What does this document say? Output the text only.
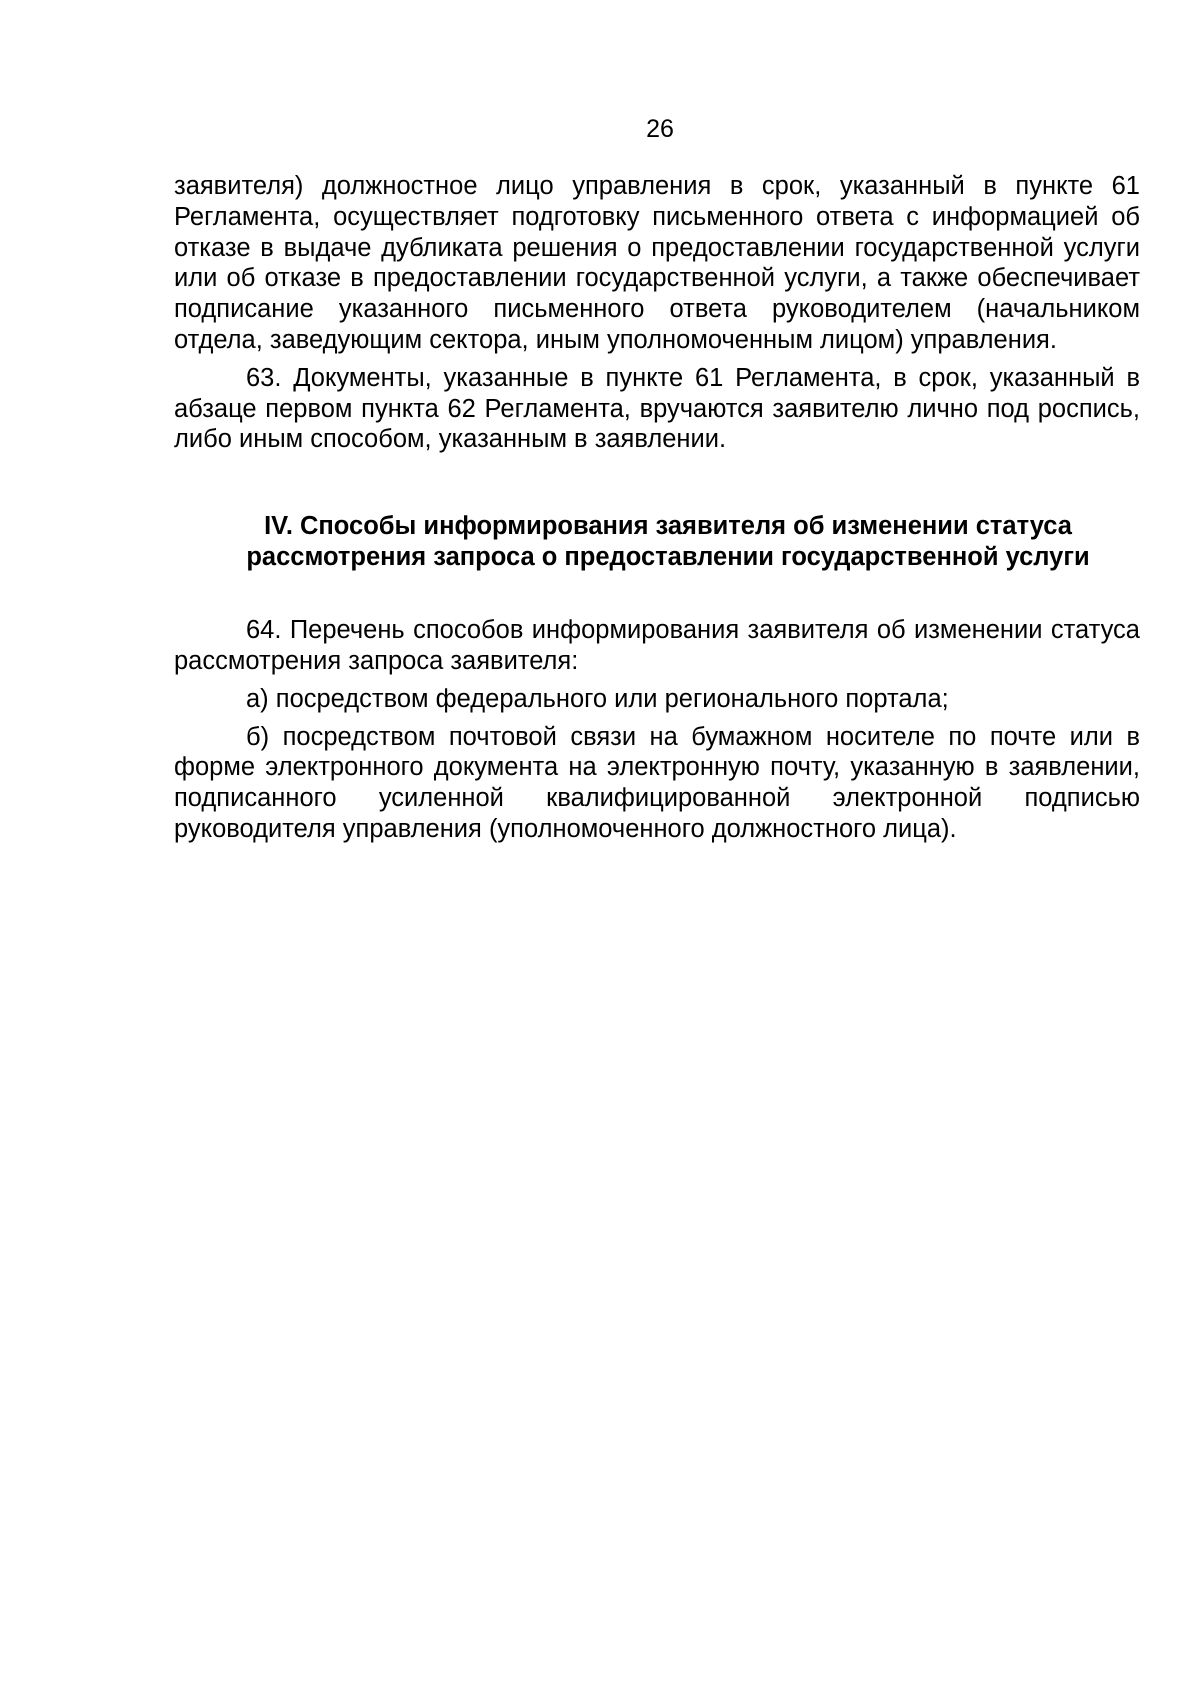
26

заявителя) должностное лицо управления в срок, указанный в пункте 61 Регламента, осуществляет подготовку письменного ответа с информацией об отказе в выдаче дубликата решения о предоставлении государственной услуги или об отказе в предоставлении государственной услуги, а также обеспечивает подписание указанного письменного ответа руководителем (начальником отдела, заведующим сектора, иным уполномоченным лицом) управления.

63. Документы, указанные в пункте 61 Регламента, в срок, указанный в абзаце первом пункта 62 Регламента, вручаются заявителю лично под роспись, либо иным способом, указанным в заявлении.

IV. Способы информирования заявителя об изменении статуса рассмотрения запроса о предоставлении государственной услуги

64. Перечень способов информирования заявителя об изменении статуса рассмотрения запроса заявителя:

а) посредством федерального или регионального портала;

б) посредством почтовой связи на бумажном носителе по почте или в форме электронного документа на электронную почту, указанную в заявлении, подписанного усиленной квалифицированной электронной подписью руководителя управления (уполномоченного должностного лица).
